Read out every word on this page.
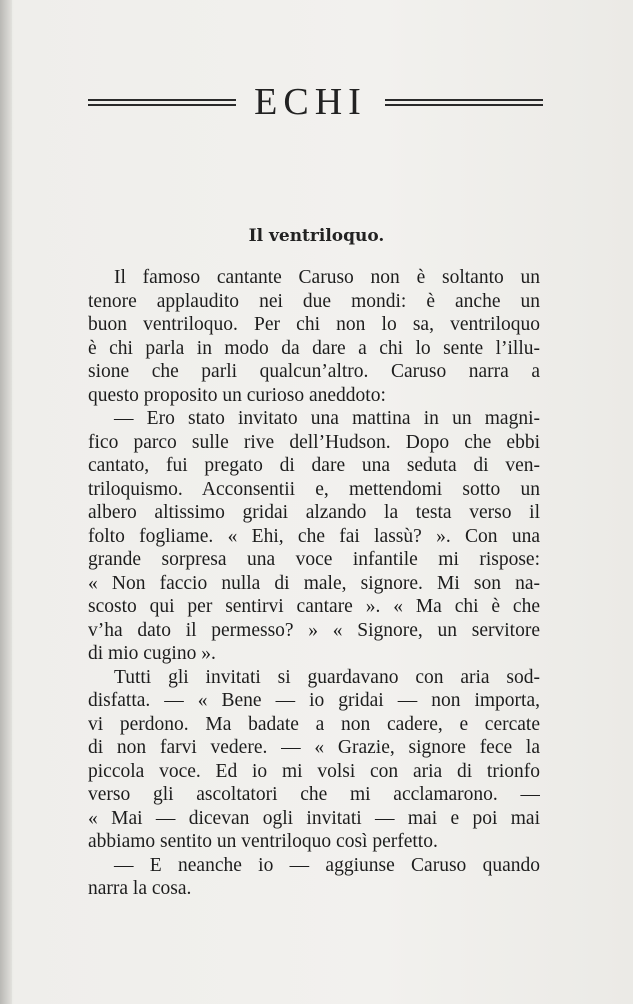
ECHI
Il ventriloquo.
Il famoso cantante Caruso non è soltanto un
tenore applaudito nei due mondi: è anche un
buon ventriloquo. Per chi non lo sa, ventriloquo
è chi parla in modo da dare a chi lo sente l’illu-
sione che parli qualcun’altro. Caruso narra a
questo proposito un curioso aneddoto:
— Ero stato invitato una mattina in un magni-
fico parco sulle rive dell’Hudson. Dopo che ebbi
cantato, fui pregato di dare una seduta di ven-
triloquismo. Acconsentii e, mettendomi sotto un
albero altissimo gridai alzando la testa verso il
folto fogliame. « Ehi, che fai lassù? ». Con una
grande sorpresa una voce infantile mi rispose:
« Non faccio nulla di male, signore. Mi son na-
scosto qui per sentirvi cantare ». « Ma chi è che
v’ha dato il permesso? » « Signore, un servitore
di mio cugino ».
Tutti gli invitati si guardavano con aria sod-
disfatta. — « Bene — io gridai — non importa,
vi perdono. Ma badate a non cadere, e cercate
di non farvi vedere. — « Grazie, signore fece la
piccola voce. Ed io mi volsi con aria di trionfo
verso gli ascoltatori che mi acclamarono. —
« Mai — dicevan ogli invitati — mai e poi mai
abbiamo sentito un ventriloquo così perfetto.
— E neanche io — aggiunse Caruso quando
narra la cosa.
